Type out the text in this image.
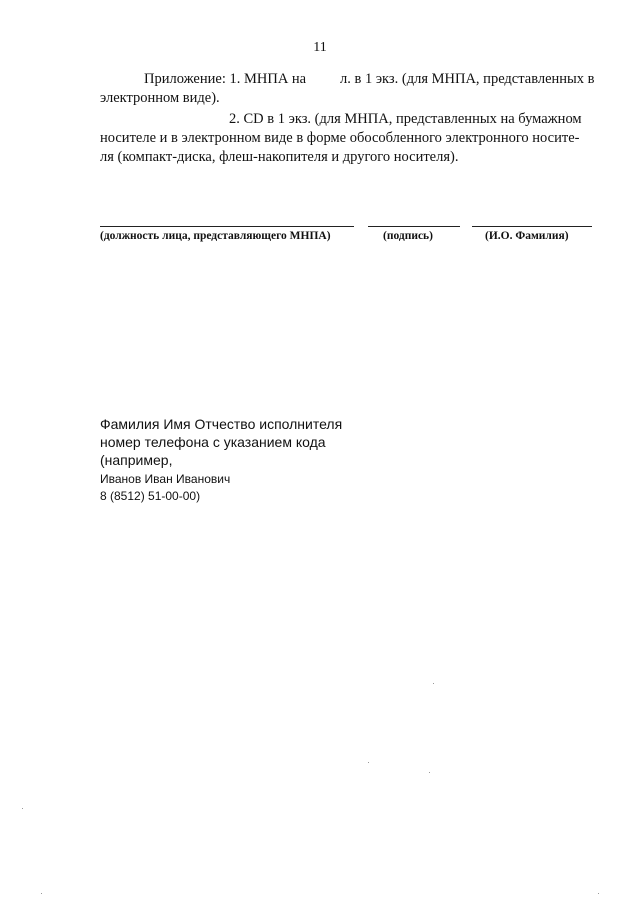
11
Приложение: 1. МНПА на л. в 1 экз. (для МНПА, представленных в
электронном виде).
2. CD в 1 экз. (для МНПА, представленных на бумажном
носителе и в электронном виде в форме обособленного электронного носите-
ля (компакт-диска, флеш-накопителя и другого носителя).
(должность лица, представляющего МНПА)	(подпись)	(И.О. Фамилия)
Фамилия Имя Отчество исполнителя
номер телефона с указанием кода
(например,
Иванов Иван Иванович
8 (8512) 51-00-00)
